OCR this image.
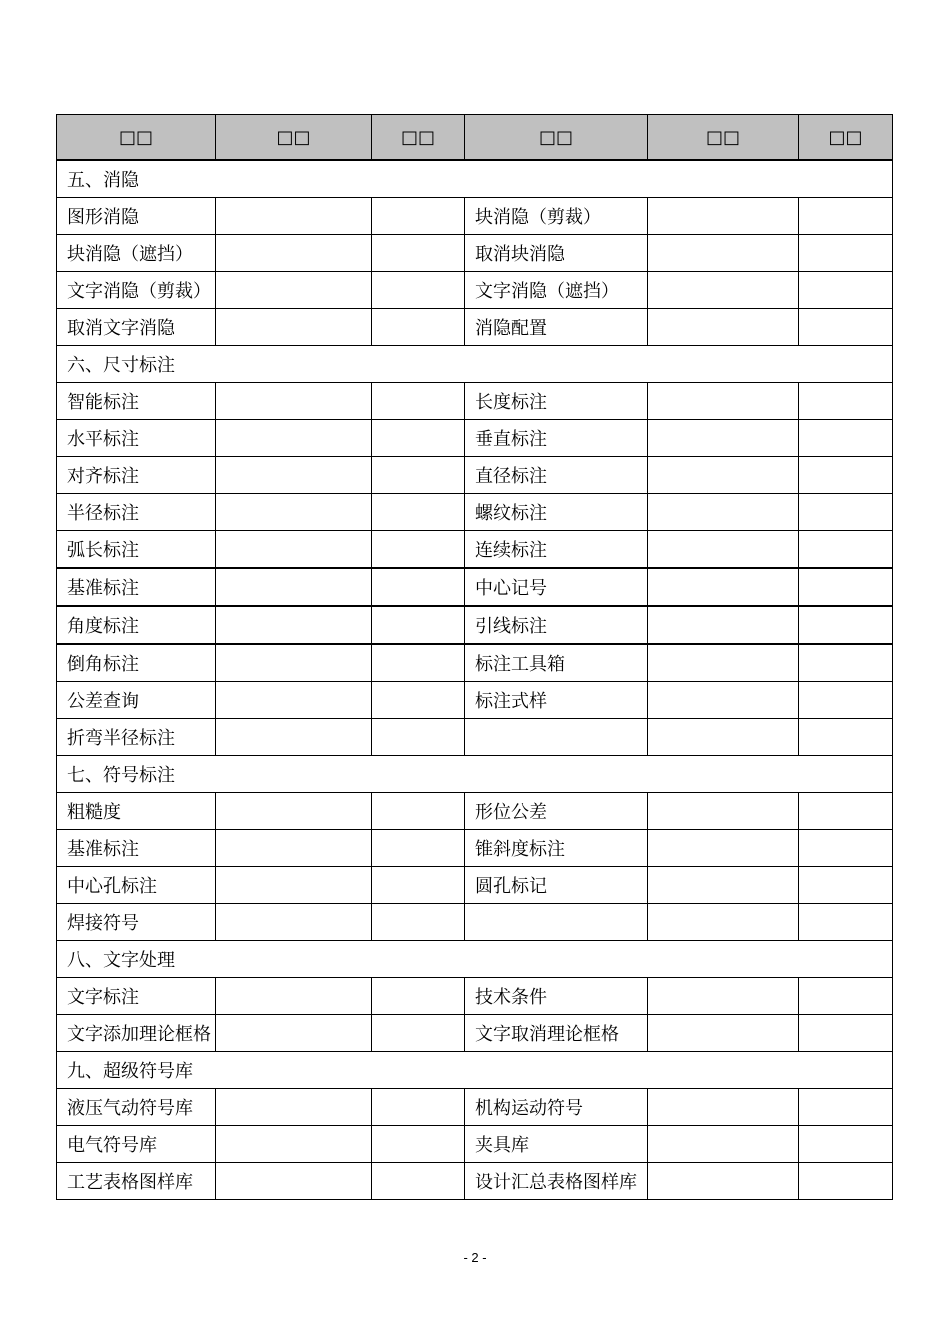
□□	□□	□□	□□	□□	□□
五、消隐					
图形消隐			块消隐（剪裁）		
块消隐（遮挡）			取消块消隐		
文字消隐（剪裁）			文字消隐（遮挡）		
取消文字消隐			消隐配置		
六、尺寸标注					
智能标注			长度标注		
水平标注			垂直标注		
对齐标注			直径标注		
半径标注			螺纹标注		
弧长标注			连续标注		
基准标注			中心记号		
角度标注			引线标注		
倒角标注			标注工具箱		
公差查询			标注式样		
折弯半径标注					
七、符号标注					
粗糙度			形位公差		
基准标注			锥斜度标注		
中心孔标注			圆孔标记		
焊接符号					
八、文字处理					
文字标注			技术条件		
文字添加理论框格			文字取消理论框格		
九、超级符号库					
液压气动符号库			机构运动符号		
电气符号库			夹具库		
工艺表格图样库			设计汇总表格图样库		
- 2 -
